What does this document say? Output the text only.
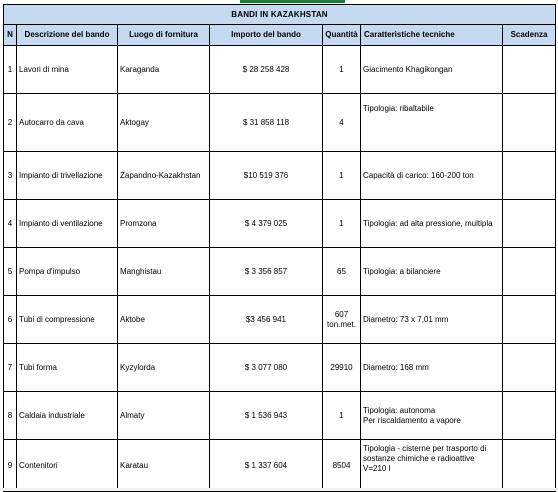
BANDI IN KAZAKHSTAN						
N	Descrizione del bando	Luogo di fornitura	Importo del bando	Quantità	Caratteristiche tecniche	Scadenza
1	Lavori di mina	Karaganda	$ 28 258 428	1	Giacimento Khagikongan	
2	Autocarro da cava	Aktogay	$ 31 858 118	4	Tipologia: ribaltabile	
3	Impianto di trivellazione	Zapandno-Kazakhstan	$10 519 376	1	Capacità di carico: 160-200 ton	
4	Impianto di ventilazione	Promzona	$ 4 379 025	1	Tipologia: ad alta pressione, multipla	
5	Pompa d'impulso	Manghistau	$ 3 356 857	65	Tipologia: a bilanciere	
6	Tubi di compressione	Aktobe	$3 456 941	607 ton.met.	Diametro: 73 x 7,01 mm	
7	Tubi forma	Kyzylorda	$ 3 077 080	29910	Diametro: 168 mm	
8	Caldaia industriale	Almaty	$ 1 536 943	1	Tipologia: autonoma
Per riscaldamento a vapore	
9	Contenitori	Karatau	$ 1 337 604	8504	Tipologia - cisterne per trasporto di sostanze chimiche e radioattive        V=210 l	
